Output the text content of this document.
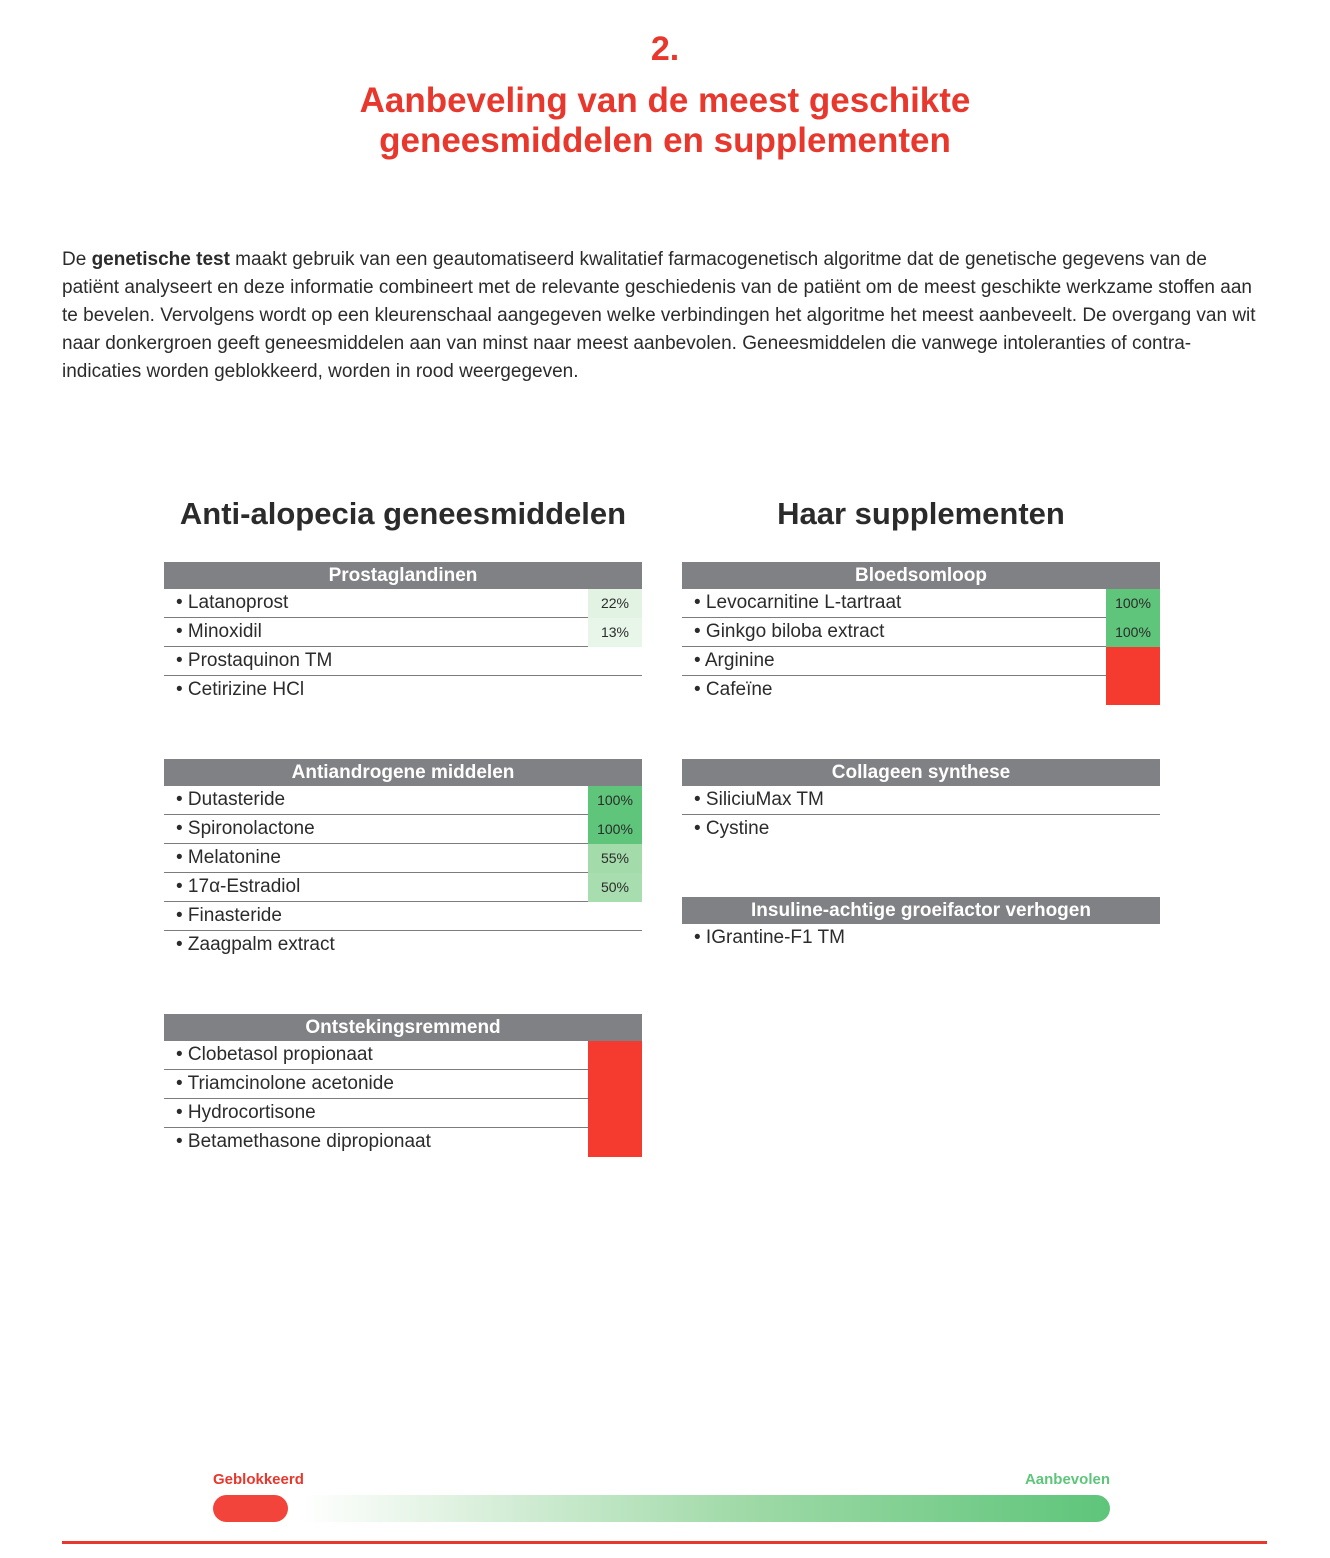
2.
Aanbeveling van de meest geschikte
geneesmiddelen en supplementen

De genetische test maakt gebruik van een geautomatiseerd kwalitatief farmacogenetisch algoritme dat de genetische gegevens van de patiënt analyseert en deze informatie combineert met de relevante geschiedenis van de patiënt om de meest geschikte werkzame stoffen aan te bevelen. Vervolgens wordt op een kleurenschaal aangegeven welke verbindingen het algoritme het meest aanbeveelt. De overgang van wit naar donkergroen geeft geneesmiddelen aan van minst naar meest aanbevolen. Geneesmiddelen die vanwege intoleranties of contra-indicaties worden geblokkeerd, worden in rood weergegeven.

Anti-alopecia geneesmiddelen	Haar supplementen
Prostaglandinen
• Latanoprost	22%
• Minoxidil	13%
• Prostaquinon TM
• Cetirizine HCl
Antiandrogene middelen
• Dutasteride	100%
• Spironolactone	100%
• Melatonine	55%
• 17α-Estradiol	50%
• Finasteride
• Zaagpalm extract
Ontstekingsremmend
• Clobetasol propionaat
• Triamcinolone acetonide
• Hydrocortisone
• Betamethasone dipropionaat
Bloedsomloop
• Levocarnitine L-tartraat	100%
• Ginkgo biloba extract	100%
• Arginine
• Cafeïne
Collageen synthese
• SiliciuMax TM
• Cystine
Insuline-achtige groeifactor verhogen
• IGrantine-F1 TM
Geblokkeerd	Aanbevolen
